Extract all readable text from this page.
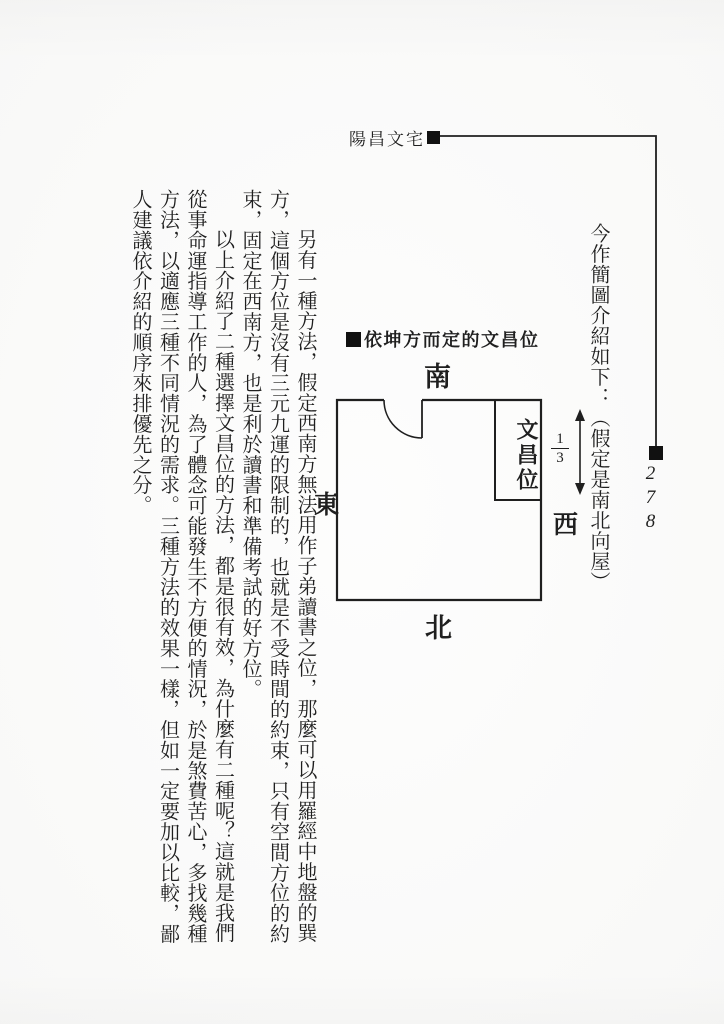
陽昌文宅
278
今作簡圖介紹如下：（假定是南北向屋）
依坤方而定的文昌位
南
北
東
西
文昌位 $\frac{1}{3}$

另有一種方法，假定西南方無法用作子弟讀書之位，那麼可以用羅經中地盤的巽方，這個方位是沒有三元九運的限制的，也就是不受時間的約束，只有空間方位的約束，固定在西南方，也是利於讀書和準備考試的好方位。

以上介紹了二種選擇文昌位的方法，都是很有效，為什麼有二種呢？這就是我們從事命運指導工作的人，為了體念可能發生不方便的情況，於是煞費苦心，多找幾種方法，以適應三種不同情況的需求。三種方法的效果一樣，但如一定要加以比較，鄙人建議依介紹的順序來排優先之分。
